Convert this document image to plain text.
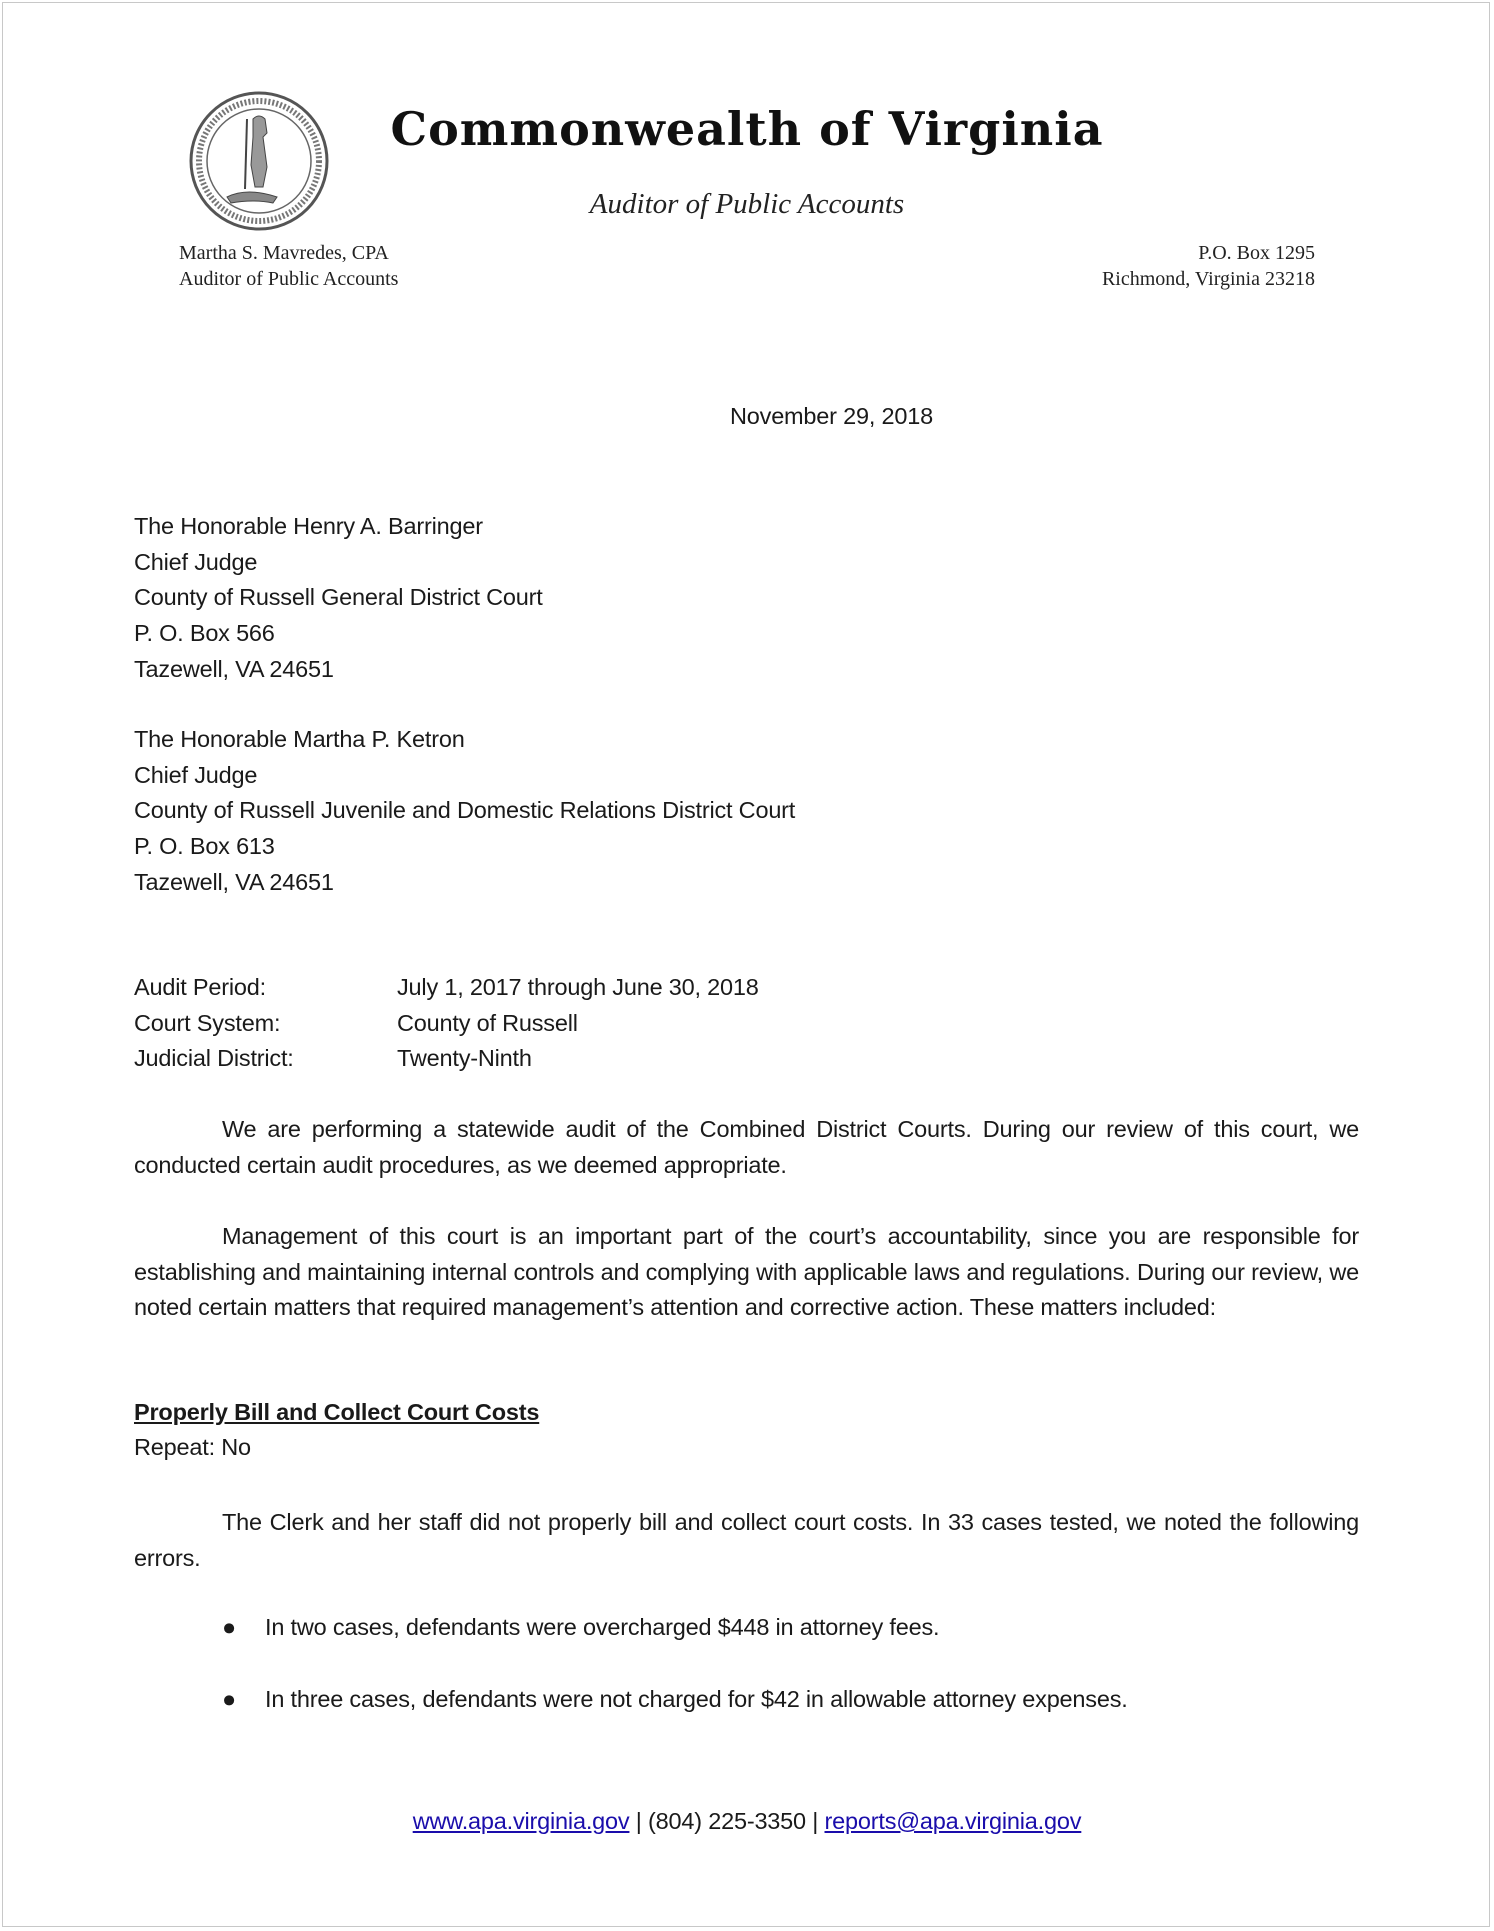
Commonwealth of Virginia
Auditor of Public Accounts
Martha S. Mavredes, CPA
Auditor of Public Accounts
P.O. Box 1295
Richmond, Virginia 23218
November 29, 2018
The Honorable Henry A. Barringer
Chief Judge
County of Russell General District Court
P. O. Box 566
Tazewell, VA 24651
The Honorable Martha P. Ketron
Chief Judge
County of Russell Juvenile and Domestic Relations District Court
P. O. Box 613
Tazewell, VA 24651
Audit Period:	July 1, 2017 through June 30, 2018
Court System:	County of Russell
Judicial District:	Twenty-Ninth
We are performing a statewide audit of the Combined District Courts. During our review of this court, we conducted certain audit procedures, as we deemed appropriate.
Management of this court is an important part of the court’s accountability, since you are responsible for establishing and maintaining internal controls and complying with applicable laws and regulations. During our review, we noted certain matters that required management’s attention and corrective action. These matters included:
Properly Bill and Collect Court Costs
Repeat: No
The Clerk and her staff did not properly bill and collect court costs. In 33 cases tested, we noted the following errors.
● In two cases, defendants were overcharged $448 in attorney fees.
● In three cases, defendants were not charged for $42 in allowable attorney expenses.
www.apa.virginia.gov | (804) 225-3350 | reports@apa.virginia.gov
